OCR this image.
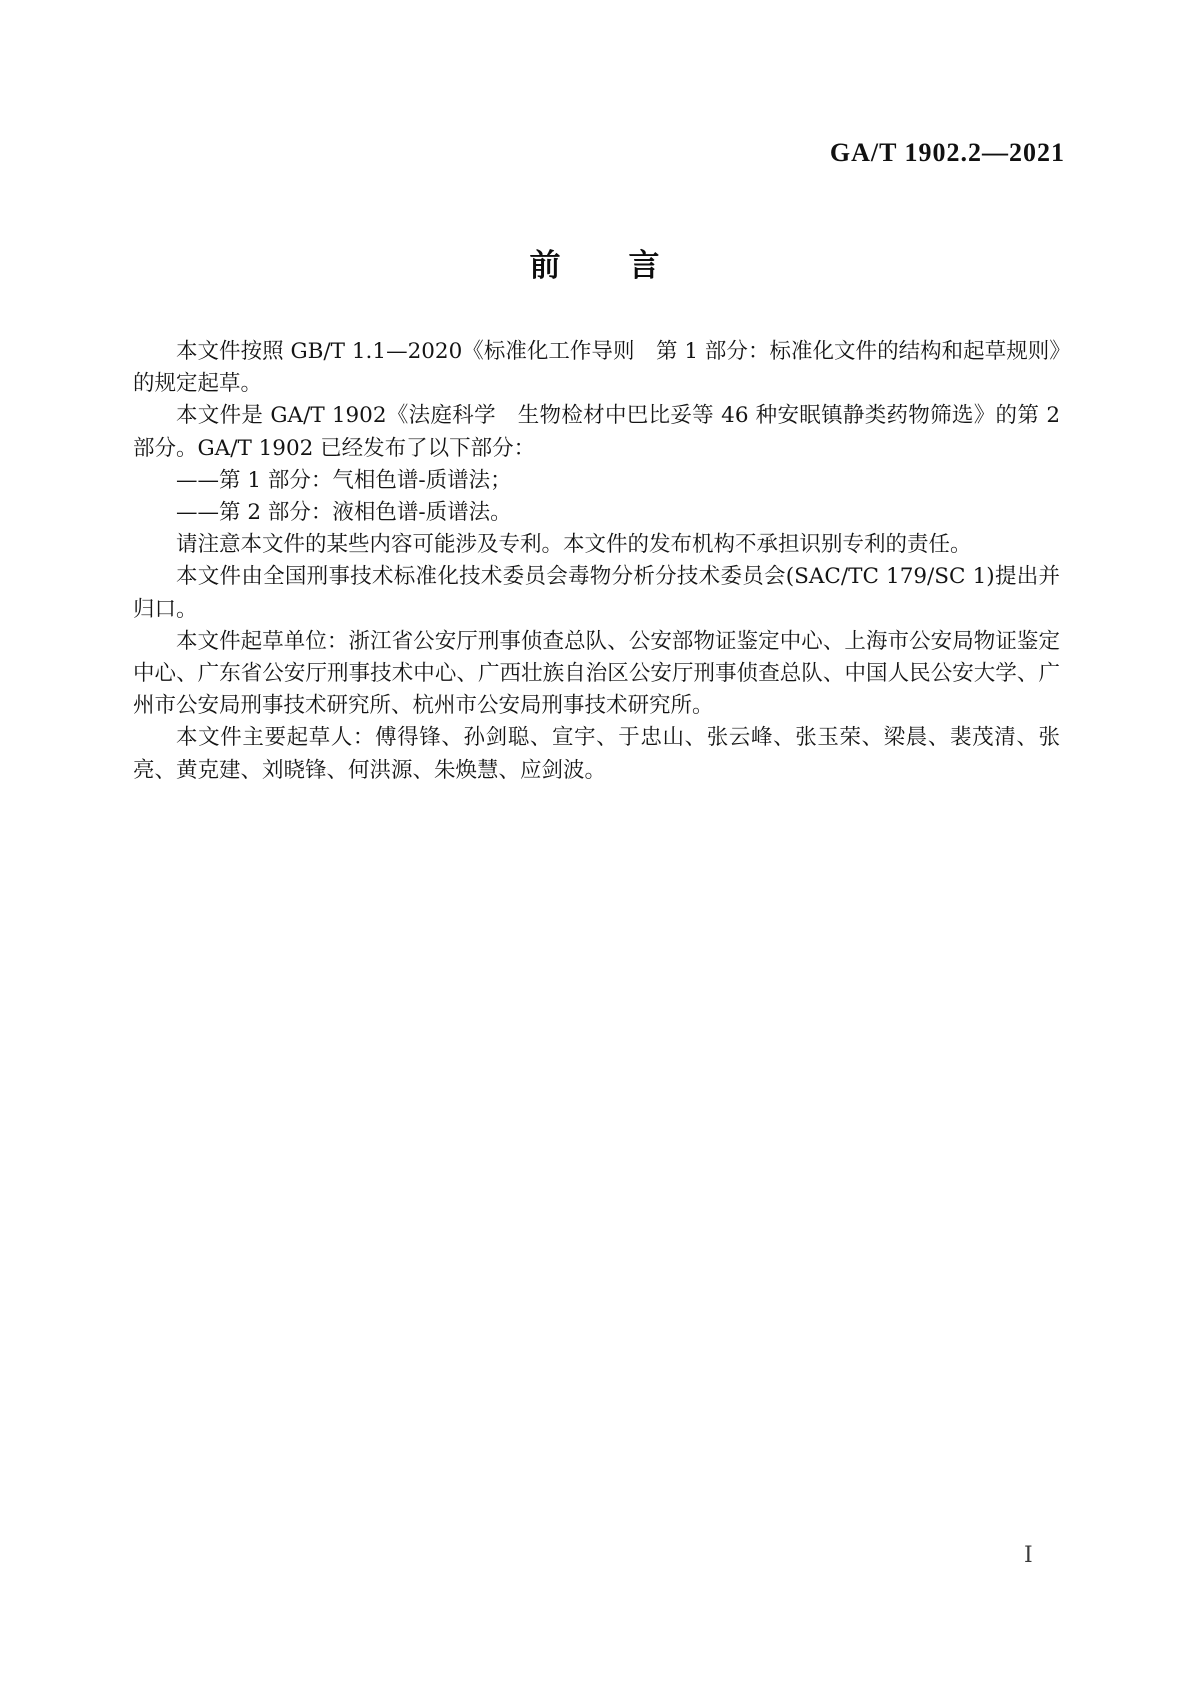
GA/T 1902.2—2021
前　　言

本文件按照 GB/T 1.1—2020《标准化工作导则　第 1 部分：标准化文件的结构和起草规则》的规定起草。

本文件是 GA/T 1902《法庭科学　生物检材中巴比妥等 46 种安眠镇静类药物筛选》的第 2 部分。GA/T 1902 已经发布了以下部分：

——第 1 部分：气相色谱-质谱法；

——第 2 部分：液相色谱-质谱法。

请注意本文件的某些内容可能涉及专利。本文件的发布机构不承担识别专利的责任。

本文件由全国刑事技术标准化技术委员会毒物分析分技术委员会(SAC/TC 179/SC 1)提出并归口。

本文件起草单位：浙江省公安厅刑事侦查总队、公安部物证鉴定中心、上海市公安局物证鉴定中心、广东省公安厅刑事技术中心、广西壮族自治区公安厅刑事侦查总队、中国人民公安大学、广州市公安局刑事技术研究所、杭州市公安局刑事技术研究所。

本文件主要起草人：傅得锋、孙剑聪、宣宇、于忠山、张云峰、张玉荣、梁晨、裴茂清、张亮、黄克建、刘晓锋、何洪源、朱焕慧、应剑波。

I
